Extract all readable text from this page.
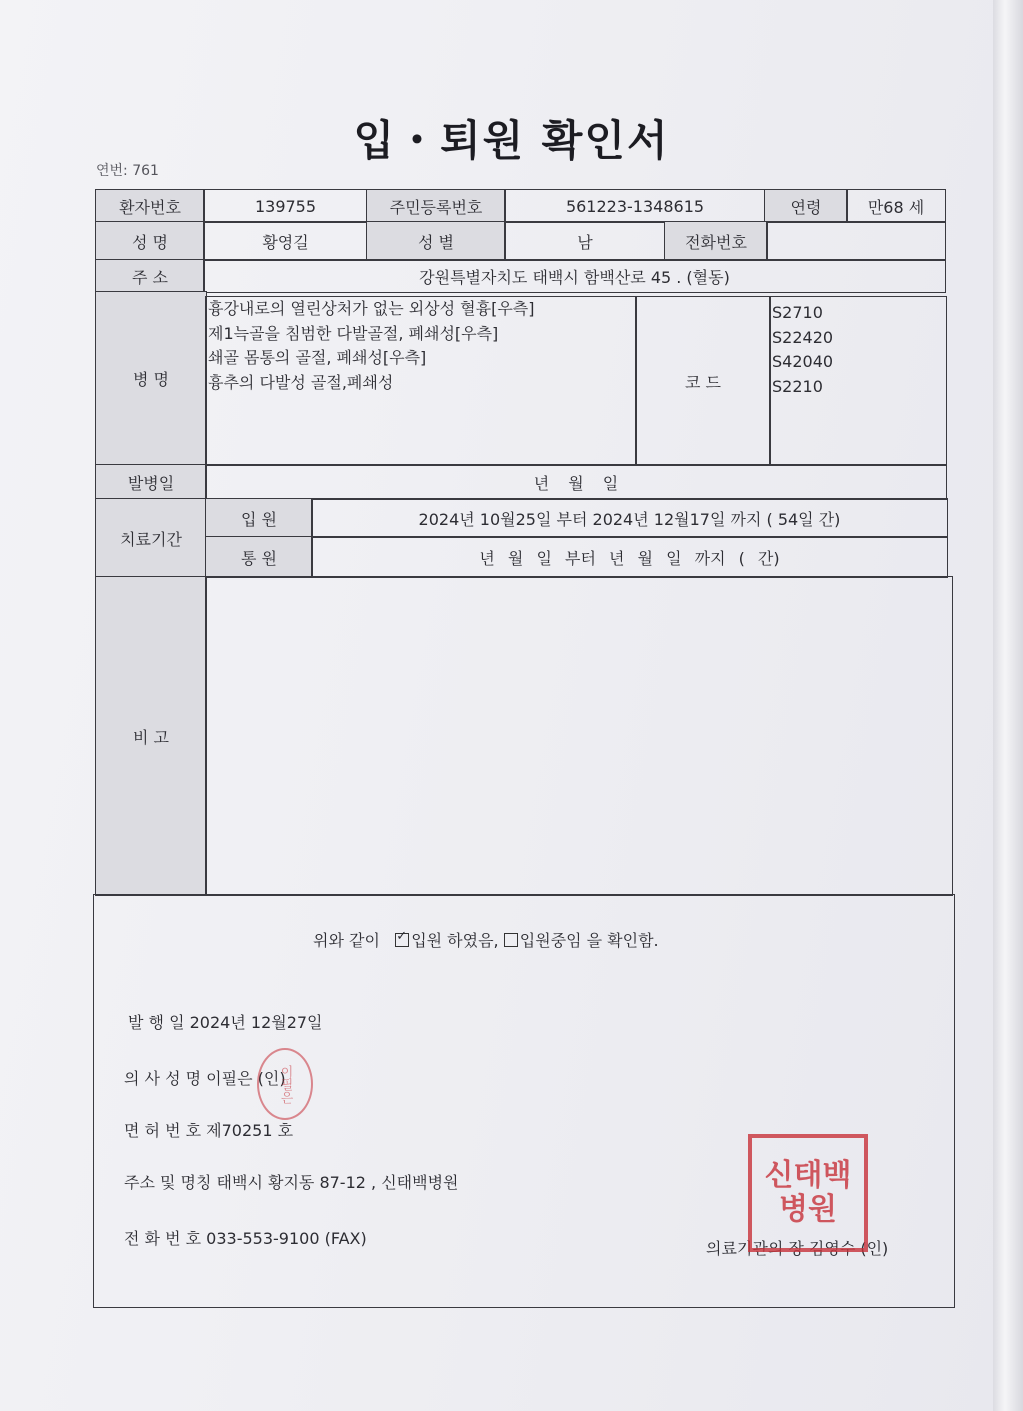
입・퇴원 확인서
연번: 761
환자번호	139755	주민등록번호	561223-1348615	연령	만68 세
성 명	황영길	성 별	남	전화번호
주 소	강원특별자치도 태백시 함백산로 45 . (혈동)
병 명
흉강내로의 열린상처가 없는 외상성 혈흉[우측]
제1늑골을 침범한 다발골절, 폐쇄성[우측]
쇄골 몸통의 골절, 폐쇄성[우측]
흉추의 다발성 골절,폐쇄성	코 드
S2710
S22420
S42040
S2210
발병일	년 월 일
치료기간
입 원	2024년 10월25일 부터 2024년 12월17일 까지 ( 54일 간)
통 원	년 월 일 부터 년 월 일 까지 ( 간)
비 고
위와 같이   ✓ 입원 하였음, 입원중임 을 확인함.
발 행 일 2024년 12월27일
의 사 성 명 이필은 (인)
면 허 번 호 제70251 호
주소 및 명칭 태백시 황지동 87-12 , 신태백병원
전 화 번 호 033-553-9100 (FAX)
의료기관의 장 김영수 (인)
이필은
신태백병원
